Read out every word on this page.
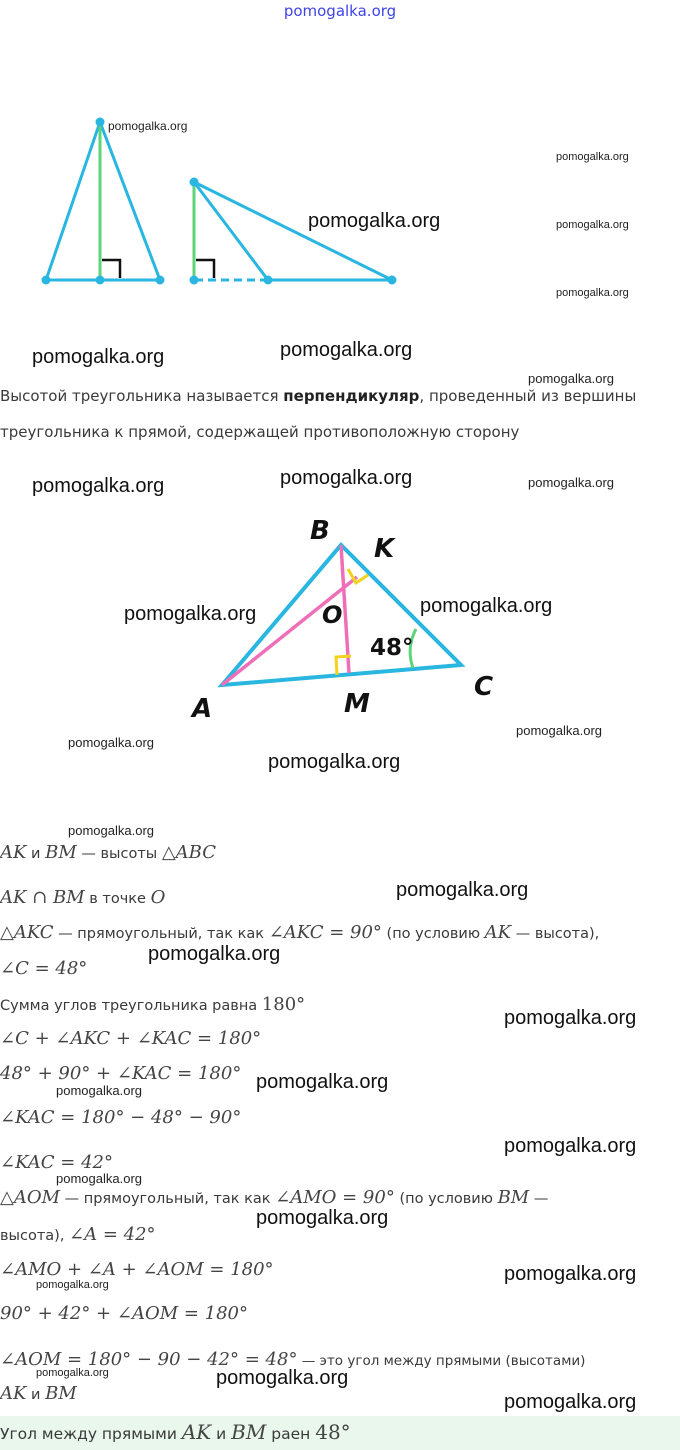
pomogalka.org
Высотой треугольника называется перпендикуляр, проведенный из вершины
треугольника к прямой, содержащей противоположную сторону
B
K
O
48°
A	M
C
AK и BM — высоты △ABC
AK ∩ BM в точке O
△AKC — прямоугольный, так как ∠AKC = 90° (по условию AK — высота),
∠C = 48°
Сумма углов треугольника равна 180°
∠C + ∠AKC + ∠KAC = 180°
48° + 90° + ∠KAC = 180°
∠KAC = 180° − 48° − 90°
∠KAC = 42°
△AOM — прямоугольный, так как ∠AMO = 90° (по условию BM —
высота), ∠A = 42°
∠AMO + ∠A + ∠AOM = 180°
90° + 42° + ∠AOM = 180°
∠AOM = 180° − 90 − 42° = 48° — это угол между прямыми (высотами)
AK и BM
Угол между прямыми AK и BM раен 48°
pomogalka.org
pomogalka.org
pomogalka.org	pomogalka.org
pomogalka.org
pomogalka.org
pomogalka.org
pomogalka.org
pomogalka.org
pomogalka.org	pomogalka.org
pomogalka.org
pomogalka.org
pomogalka.org
pomogalka.org
pomogalka.org
pomogalka.org
pomogalka.org
pomogalka.org
pomogalka.org
pomogalka.org
pomogalka.org
pomogalka.org
pomogalka.org
pomogalka.org
pomogalka.org
pomogalka.org
pomogalka.org	pomogalka.org
pomogalka.org
